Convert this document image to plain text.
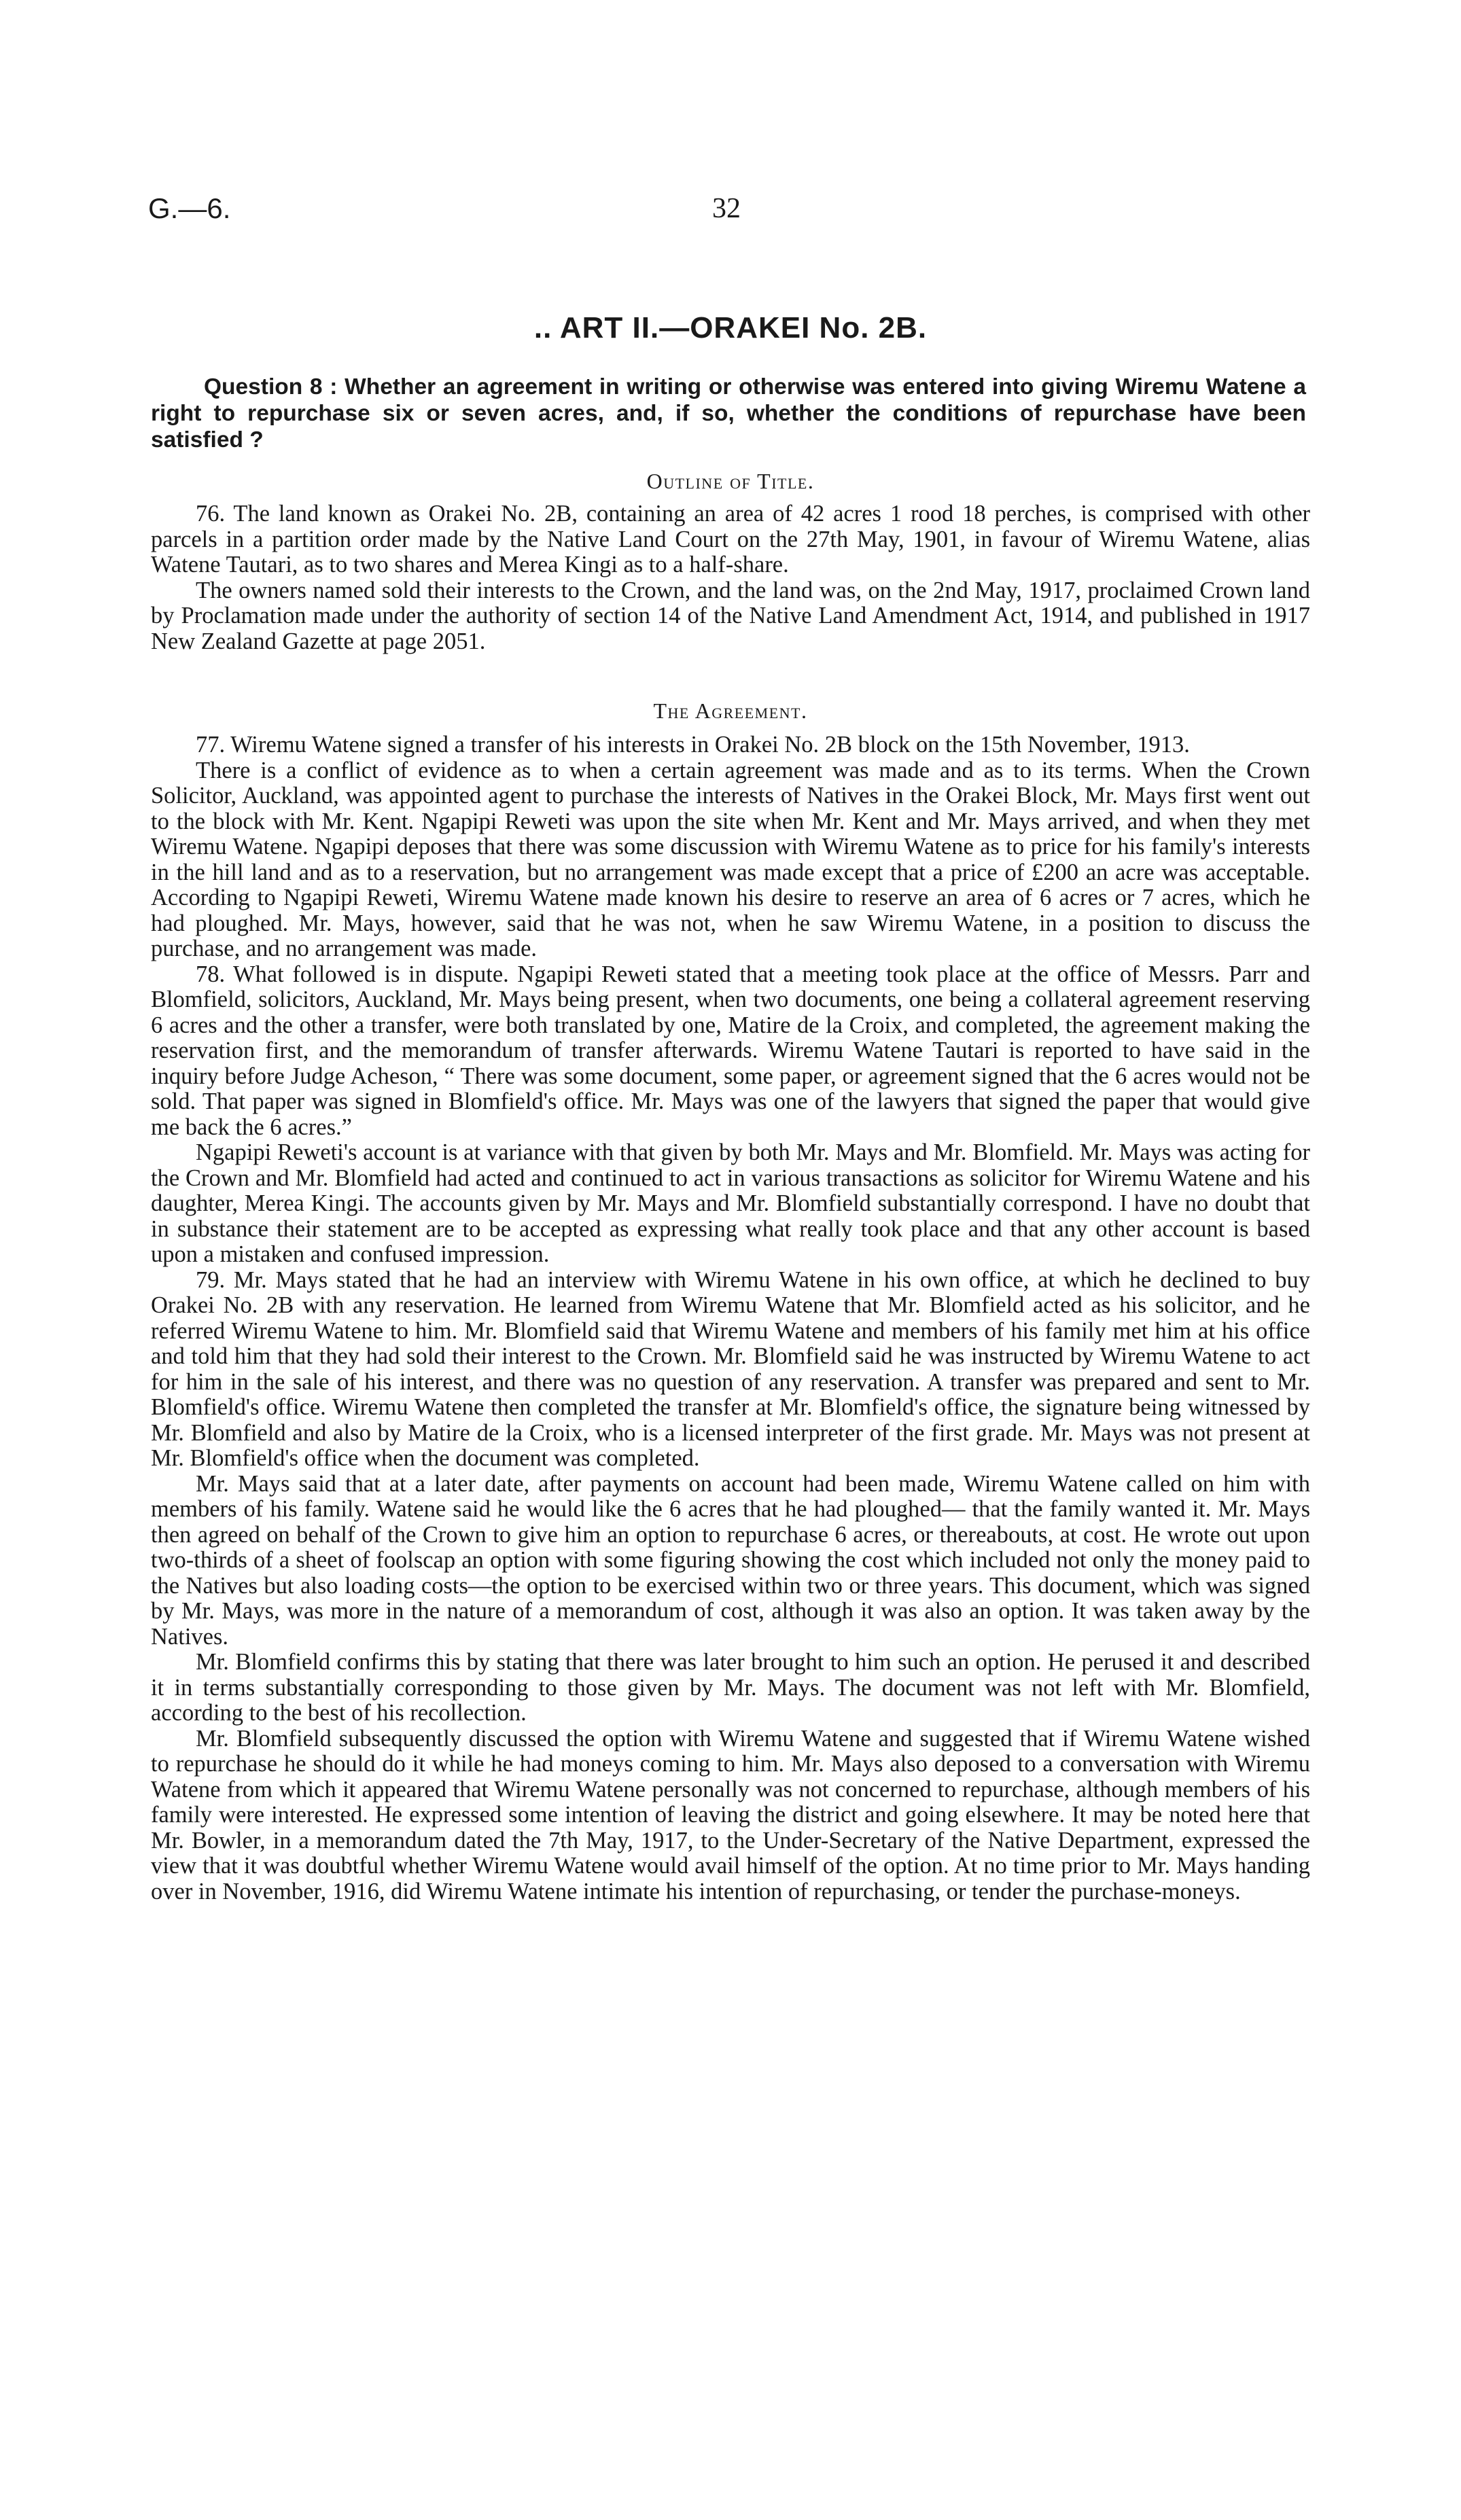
G.—6.	32
.. ART II.—ORAKEI No. 2B.
Question 8 : Whether an agreement in writing or otherwise was entered into giving Wiremu Watene a right to repurchase six or seven acres, and, if so, whether the conditions of repurchase have been satisfied ?
Outline of Title.

76. The land known as Orakei No. 2B, containing an area of 42 acres 1 rood 18 perches, is comprised with other parcels in a partition order made by the Native Land Court on the 27th May, 1901, in favour of Wiremu Watene, alias Watene Tautari, as to two shares and Merea Kingi as to a half-share.

The owners named sold their interests to the Crown, and the land was, on the 2nd May, 1917, proclaimed Crown land by Proclamation made under the authority of section 14 of the Native Land Amendment Act, 1914, and published in 1917 New Zealand Gazette at page 2051.

The Agreement.

77. Wiremu Watene signed a transfer of his interests in Orakei No. 2B block on the 15th November, 1913.

There is a conflict of evidence as to when a certain agreement was made and as to its terms. When the Crown Solicitor, Auckland, was appointed agent to purchase the interests of Natives in the Orakei Block, Mr. Mays first went out to the block with Mr. Kent. Ngapipi Reweti was upon the site when Mr. Kent and Mr. Mays arrived, and when they met Wiremu Watene. Ngapipi deposes that there was some discussion with Wiremu Watene as to price for his family's interests in the hill land and as to a reservation, but no arrangement was made except that a price of £200 an acre was acceptable. According to Ngapipi Reweti, Wiremu Watene made known his desire to reserve an area of 6 acres or 7 acres, which he had ploughed. Mr. Mays, however, said that he was not, when he saw Wiremu Watene, in a position to discuss the purchase, and no arrangement was made.

78. What followed is in dispute. Ngapipi Reweti stated that a meeting took place at the office of Messrs. Parr and Blomfield, solicitors, Auckland, Mr. Mays being present, when two documents, one being a collateral agreement reserving 6 acres and the other a transfer, were both translated by one, Matire de la Croix, and completed, the agreement making the reservation first, and the memorandum of transfer afterwards. Wiremu Watene Tautari is reported to have said in the inquiry before Judge Acheson, “ There was some document, some paper, or agreement signed that the 6 acres would not be sold. That paper was signed in Blomfield's office. Mr. Mays was one of the lawyers that signed the paper that would give me back the 6 acres.”

Ngapipi Reweti's account is at variance with that given by both Mr. Mays and Mr. Blomfield. Mr. Mays was acting for the Crown and Mr. Blomfield had acted and continued to act in various transactions as solicitor for Wiremu Watene and his daughter, Merea Kingi. The accounts given by Mr. Mays and Mr. Blomfield substantially correspond. I have no doubt that in substance their statement are to be accepted as expressing what really took place and that any other account is based upon a mistaken and confused impression.

79. Mr. Mays stated that he had an interview with Wiremu Watene in his own office, at which he declined to buy Orakei No. 2B with any reservation. He learned from Wiremu Watene that Mr. Blomfield acted as his solicitor, and he referred Wiremu Watene to him. Mr. Blomfield said that Wiremu Watene and members of his family met him at his office and told him that they had sold their interest to the Crown. Mr. Blomfield said he was instructed by Wiremu Watene to act for him in the sale of his interest, and there was no question of any reservation. A transfer was prepared and sent to Mr. Blomfield's office. Wiremu Watene then completed the transfer at Mr. Blomfield's office, the signature being witnessed by Mr. Blomfield and also by Matire de la Croix, who is a licensed interpreter of the first grade. Mr. Mays was not present at Mr. Blomfield's office when the document was completed.

Mr. Mays said that at a later date, after payments on account had been made, Wiremu Watene called on him with members of his family. Watene said he would like the 6 acres that he had ploughed— that the family wanted it. Mr. Mays then agreed on behalf of the Crown to give him an option to repurchase 6 acres, or thereabouts, at cost. He wrote out upon two-thirds of a sheet of foolscap an option with some figuring showing the cost which included not only the money paid to the Natives but also loading costs—the option to be exercised within two or three years. This document, which was signed by Mr. Mays, was more in the nature of a memorandum of cost, although it was also an option. It was taken away by the Natives.

Mr. Blomfield confirms this by stating that there was later brought to him such an option. He perused it and described it in terms substantially corresponding to those given by Mr. Mays. The document was not left with Mr. Blomfield, according to the best of his recollection.

Mr. Blomfield subsequently discussed the option with Wiremu Watene and suggested that if Wiremu Watene wished to repurchase he should do it while he had moneys coming to him. Mr. Mays also deposed to a conversation with Wiremu Watene from which it appeared that Wiremu Watene personally was not concerned to repurchase, although members of his family were interested. He expressed some intention of leaving the district and going elsewhere. It may be noted here that Mr. Bowler, in a memorandum dated the 7th May, 1917, to the Under-Secretary of the Native Department, expressed the view that it was doubtful whether Wiremu Watene would avail himself of the option. At no time prior to Mr. Mays handing over in November, 1916, did Wiremu Watene intimate his intention of repurchasing, or tender the purchase-moneys.
